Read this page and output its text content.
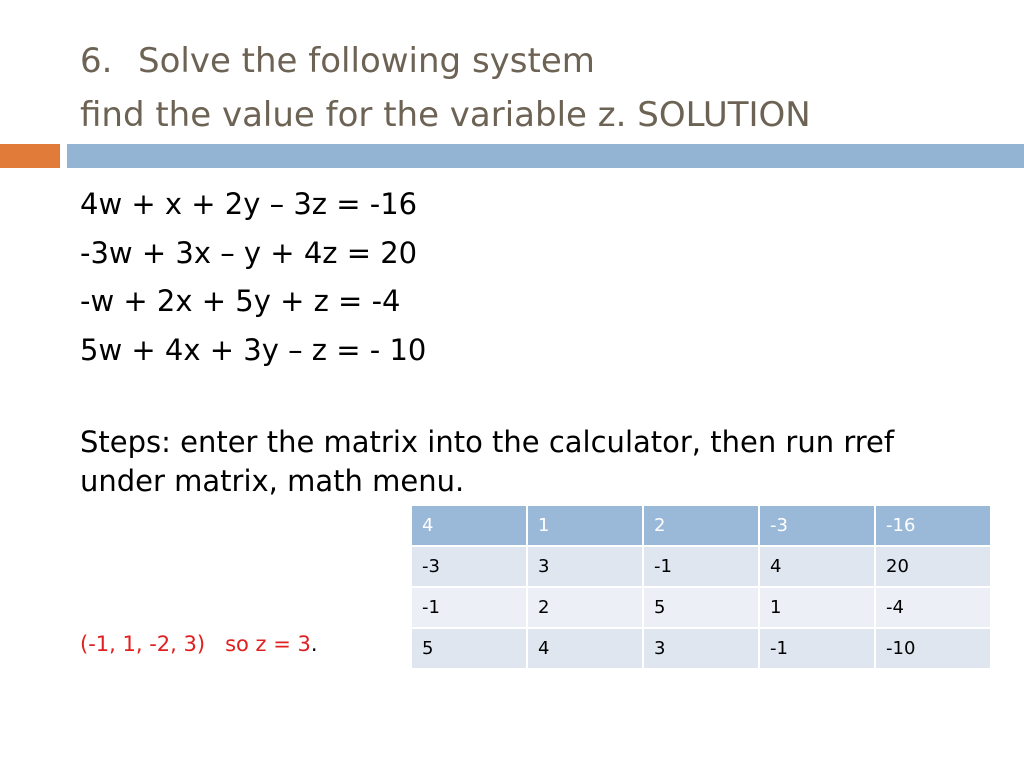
6. Solve the following system
find the value for the variable z. SOLUTION
4w + x + 2y – 3z = -16
-3w + 3x – y + 4z = 20
-w + 2x + 5y + z = -4
5w + 4x + 3y – z = - 10
Steps: enter the matrix into the calculator, then run rref under matrix, math menu.
(-1, 1, -2, 3) so z = 3.
4	1	2	-3	-16
-3	3	-1	4	20
-1	2	5	1	-4
5	4	3	-1	-10
